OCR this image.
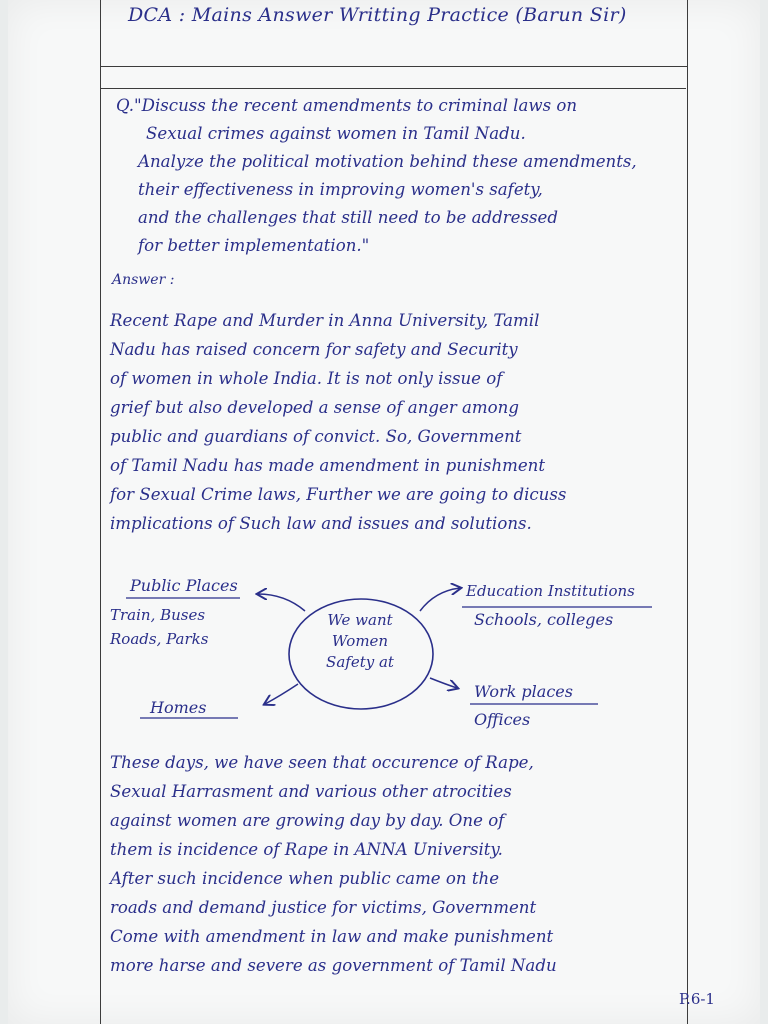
DCA : Mains Answer Writting Practice (Barun Sir)
Q."Discuss the recent amendments to criminal laws on
Sexual crimes against women in Tamil Nadu.
Analyze the political motivation behind these amendments,
their effectiveness in improving women's safety,
and the challenges that still need to be addressed
for better implementation."
Answer :
Recent Rape and Murder in Anna University, Tamil
Nadu has raised concern for safety and Security
of women in whole India. It is not only issue of
grief but also developed a sense of anger among
public and guardians of convict. So, Government
of Tamil Nadu has made amendment in punishment
for Sexual Crime laws, Further we are going to dicuss
implications of Such law and issues and solutions.
We want
Women
Safety at
Public Places
Train, Buses
Roads, Parks
Education Institutions
Schools, colleges
Homes
Work places
Offices
These days, we have seen that occurence of Rape,
Sexual Harrasment and various other atrocities
against women are growing day by day. One of
them is incidence of Rape in ANNA University.
After such incidence when public came on the
roads and demand justice for victims, Government
Come with amendment in law and make punishment
more harse and severe as government of Tamil Nadu
P.6-1
